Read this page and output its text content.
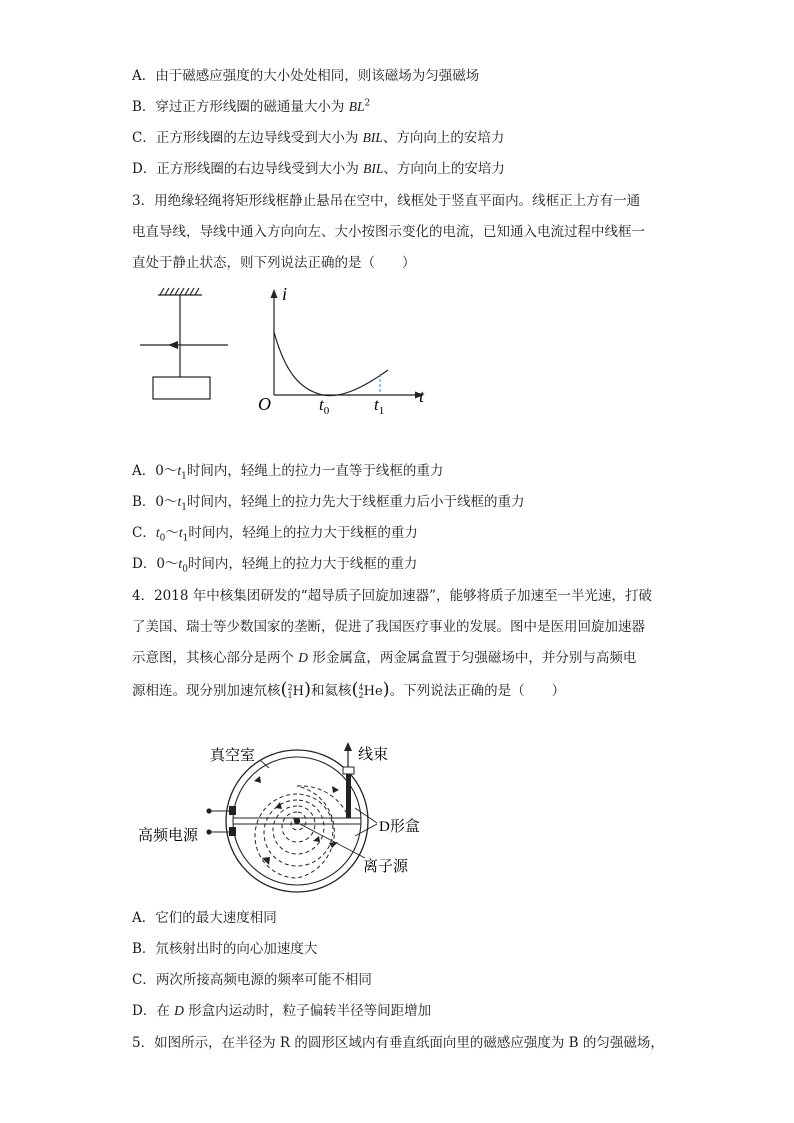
A．由于磁感应强度的大小处处相同，则该磁场为匀强磁场
B．穿过正方形线圈的磁通量大小为 $BL^2$
C．正方形线圈的左边导线受到大小为 BIL、方向向上的安培力
D．正方形线圈的右边导线受到大小为 BIL、方向向上的安培力
3．用绝缘轻绳将矩形线框静止悬吊在空中，线框处于竖直平面内。线框正上方有一通
电直导线，导线中通入方向向左、大小按图示变化的电流，已知通入电流过程中线框一
直处于静止状态，则下列说法正确的是（　　）
i
t
O	$t_0$	$t_1$
A．$0\sim t_1$时间内，轻绳上的拉力一直等于线框的重力
B．$0\sim t_1$时间内，轻绳上的拉力先大于线框重力后小于线框的重力
C．$t_0\sim t_1$时间内，轻绳上的拉力大于线框的重力
D．$0\sim t_0$时间内，轻绳上的拉力大于线框的重力
4．2018 年中核集团研发的“超导质子回旋加速器”，能够将质子加速至一半光速，打破
了美国、瑞士等少数国家的垄断，促进了我国医疗事业的发展。图中是医用回旋加速器
示意图，其核心部分是两个 D 形金属盒，两金属盒置于匀强磁场中，并分别与高频电
源相连。现分别加速氘核(2
1H)和氦核(4
2He)。下列说法正确的是（　　）
真空室	线束
D形盒
高频电源
离子源
A．它们的最大速度相同
B．氘核射出时的向心加速度大
C．两次所接高频电源的频率可能不相同
D．在 D 形盒内运动时，粒子偏转半径等间距增加
5．如图所示，在半径为 R 的圆形区域内有垂直纸面向里的磁感应强度为 B 的匀强磁场，
